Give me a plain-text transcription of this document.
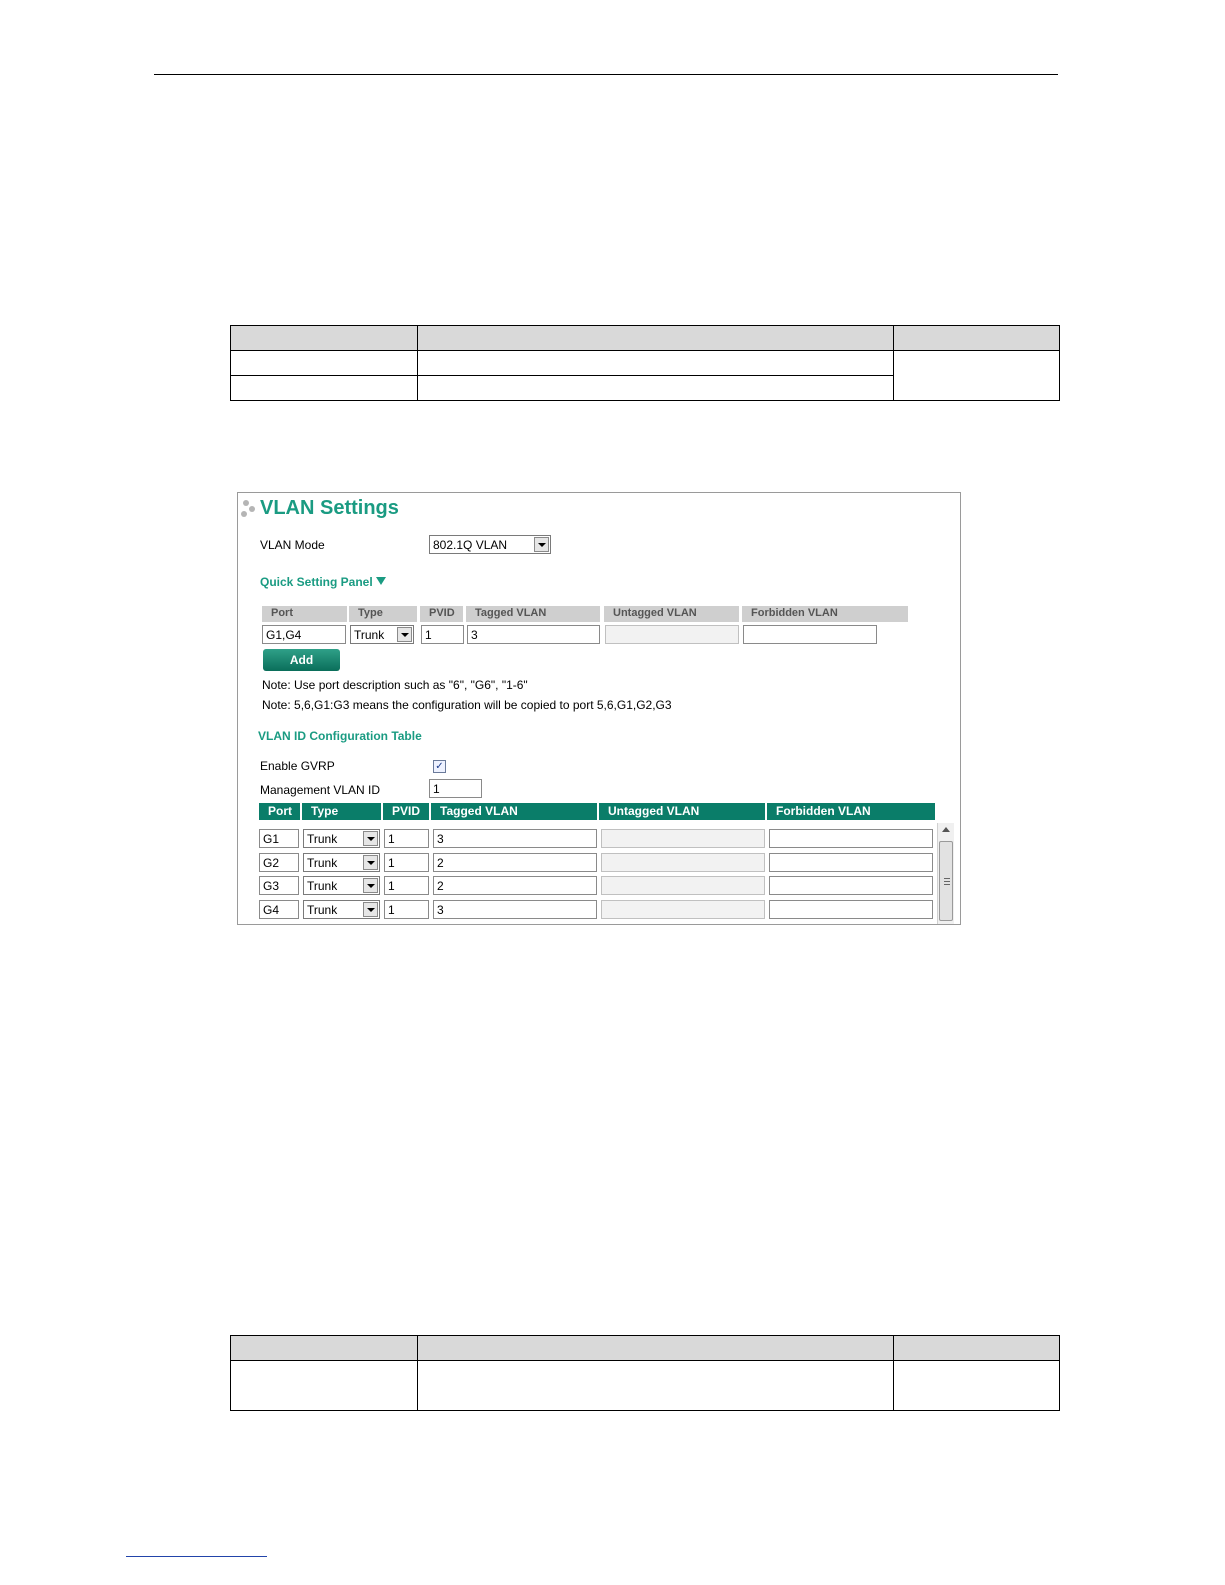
VLAN Settings
VLAN Mode	802.1Q VLAN
Quick Setting Panel
Port	Type	PVID	Tagged VLAN	Untagged VLAN	Forbidden VLAN
G1,G4	Trunk	1	3
Add
Note: Use port description such as "6", "G6", "1-6"
Note: 5,6,G1:G3 means the configuration will be copied to port 5,6,G1,G2,G3
VLAN ID Configuration Table
Enable GVRP	✓
Management VLAN ID	1
Port	Type	PVID	Tagged VLAN	Untagged VLAN	Forbidden VLAN
G1	Trunk	1	3
G2	Trunk	1	2
G3	Trunk	1	2
G4	Trunk	1	3
